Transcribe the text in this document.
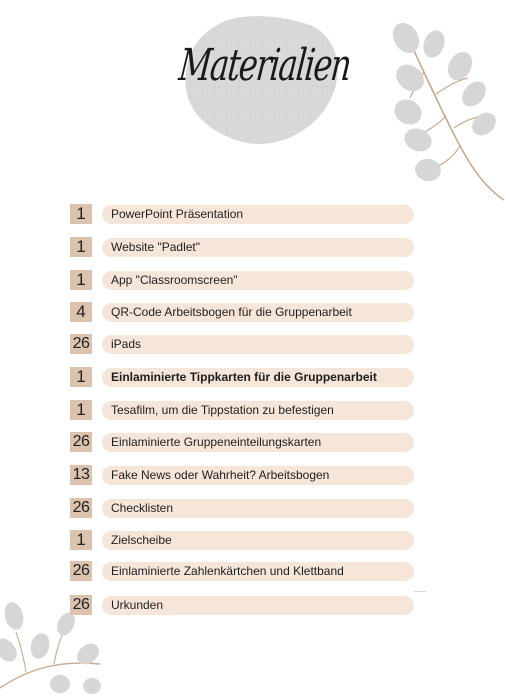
Materialien
1	PowerPoint Präsentation
1	Website "Padlet"
1	App "Classroomscreen"
4	QR-Code Arbeitsbogen für die Gruppenarbeit
26	iPads
1	Einlaminierte Tippkarten für die Gruppenarbeit
1	Tesafilm, um die Tippstation zu befestigen
26	Einlaminierte Gruppeneinteilungskarten
13	Fake News oder Wahrheit? Arbeitsbogen
26	Checklisten
1	Zielscheibe
26	Einlaminierte Zahlenkärtchen und Klettband
26	Urkunden
